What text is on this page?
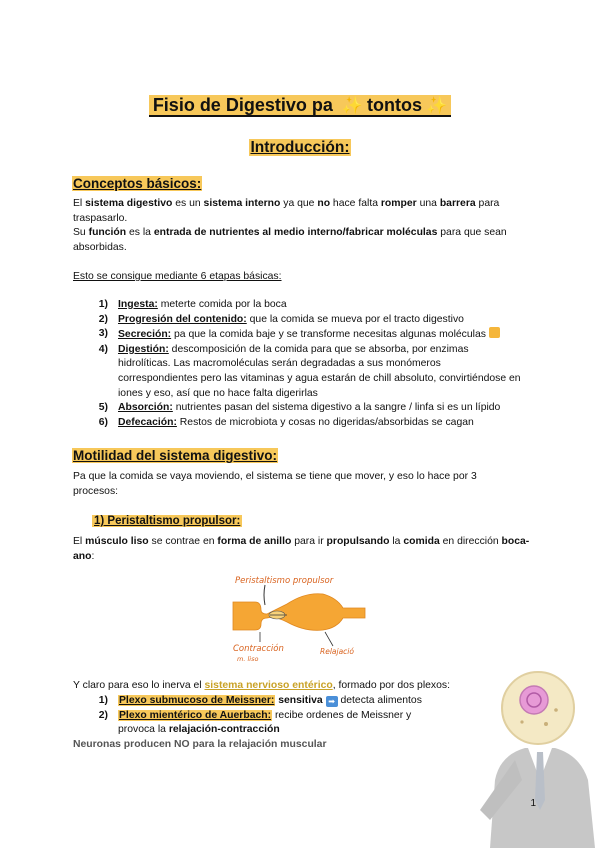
Fisio de Digestivo pa ✨ tontos ✨
Introducción:
Conceptos básicos:
El sistema digestivo es un sistema interno ya que no hace falta romper una barrera para traspasarlo.
Su función es la entrada de nutrientes al medio interno/fabricar moléculas para que sean absorbidas.
Esto se consigue mediante 6 etapas básicas:
1) Ingesta: meterte comida por la boca
2) Progresión del contenido: que la comida se mueva por el tracto digestivo
3) Secreción: pa que la comida baje y se transforme necesitas algunas moléculas
4) Digestión: descomposición de la comida para que se absorba, por enzimas hidrolíticas. Las macromoléculas serán degradadas a sus monómeros correspondientes pero las vitaminas y agua estarán de chill absoluto, convirtiéndose en iones y eso, así que no hace falta digerirlas
5) Absorción: nutrientes pasan del sistema digestivo a la sangre / linfa si es un lípido
6) Defecación: Restos de microbiota y cosas no digeridas/absorbidas se cagan
Motilidad del sistema digestivo:
Pa que la comida se vaya moviendo, el sistema se tiene que mover, y eso lo hace por 3 procesos:
1) Peristaltismo propulsor:
El músculo liso se contrae en forma de anillo para ir propulsando la comida en dirección boca-ano:
Peristaltismo propulsor
Contracción
m. liso
Relajació
Y claro para eso lo inerva el sistema nervioso entérico, formado por dos plexos:
1) Plexo submucoso de Meissner: sensitiva ➡ detecta alimentos
2) Plexo mientérico de Auerbach: recibe ordenes de Meissner y provoca la relajación-contracción
Neuronas producen NO para la relajación muscular
1
